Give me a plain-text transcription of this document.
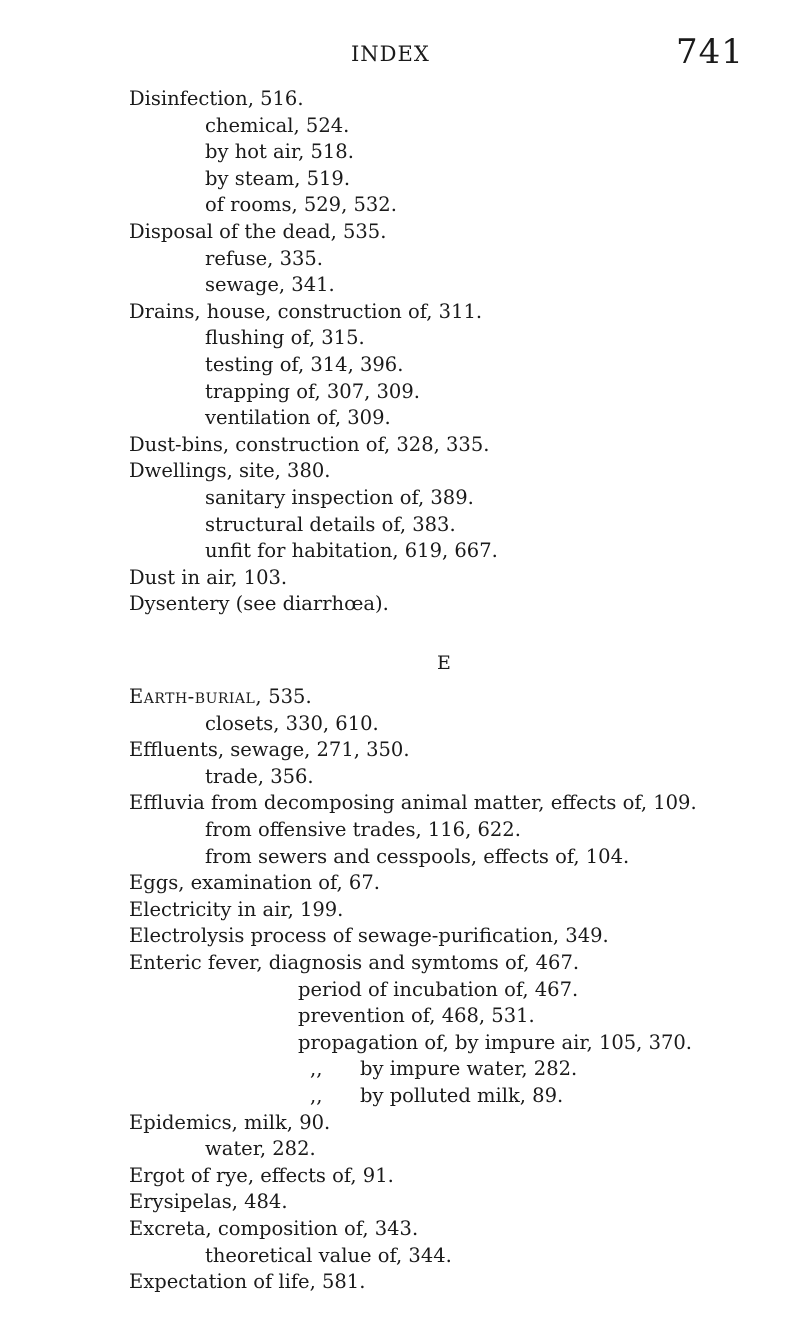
INDEX	741
Disinfection, 516.
chemical, 524.
by hot air, 518.
by steam, 519.
of rooms, 529, 532.
Disposal of the dead, 535.
refuse, 335.
sewage, 341.
Drains, house, construction of, 311.
flushing of, 315.
testing of, 314, 396.
trapping of, 307, 309.
ventilation of, 309.
Dust-bins, construction of, 328, 335.
Dwellings, site, 380.
sanitary inspection of, 389.
structural details of, 383.
unfit for habitation, 619, 667.
Dust in air, 103.
Dysentery (see diarrhœa).
E
Earth-burial, 535.
closets, 330, 610.
Effluents, sewage, 271, 350.
trade, 356.
Effluvia from decomposing animal matter, effects of, 109.
from offensive trades, 116, 622.
from sewers and cesspools, effects of, 104.
Eggs, examination of, 67.
Electricity in air, 199.
Electrolysis process of sewage-purification, 349.
Enteric fever, diagnosis and symtoms of, 467.
period of incubation of, 467.
prevention of, 468, 531.
propagation of, by impure air, 105, 370.
,, by impure water, 282.
,, by polluted milk, 89.
Epidemics, milk, 90.
water, 282.
Ergot of rye, effects of, 91.
Erysipelas, 484.
Excreta, composition of, 343.
theoretical value of, 344.
Expectation of life, 581.
